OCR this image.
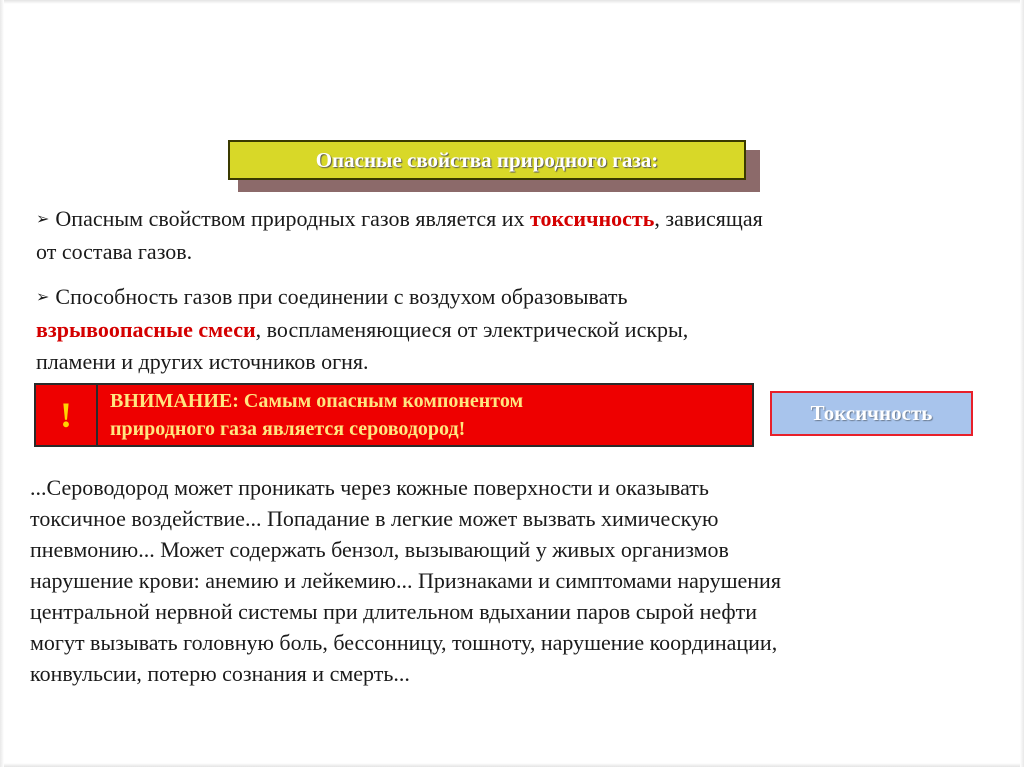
Опасные свойства природного газа:
➢ Опасным свойством природных газов является их токсичность, зависящая
от состава газов.
➢ Способность газов при соединении с воздухом образовывать
взрывоопасные смеси, воспламеняющиеся от электрической искры,
пламени и других источников огня.
!	ВНИМАНИЕ: Самым опасным компонентом
природного газа является сероводород!
Токсичность
...Сероводород может проникать через кожные поверхности и оказывать
токсичное воздействие... Попадание в легкие может вызвать химическую
пневмонию... Может содержать бензол, вызывающий у живых организмов
нарушение крови: анемию и лейкемию... Признаками и симптомами нарушения
центральной нервной системы при длительном вдыхании паров сырой нефти
могут вызывать головную боль, бессонницу, тошноту, нарушение координации,
конвульсии, потерю сознания и смерть...
